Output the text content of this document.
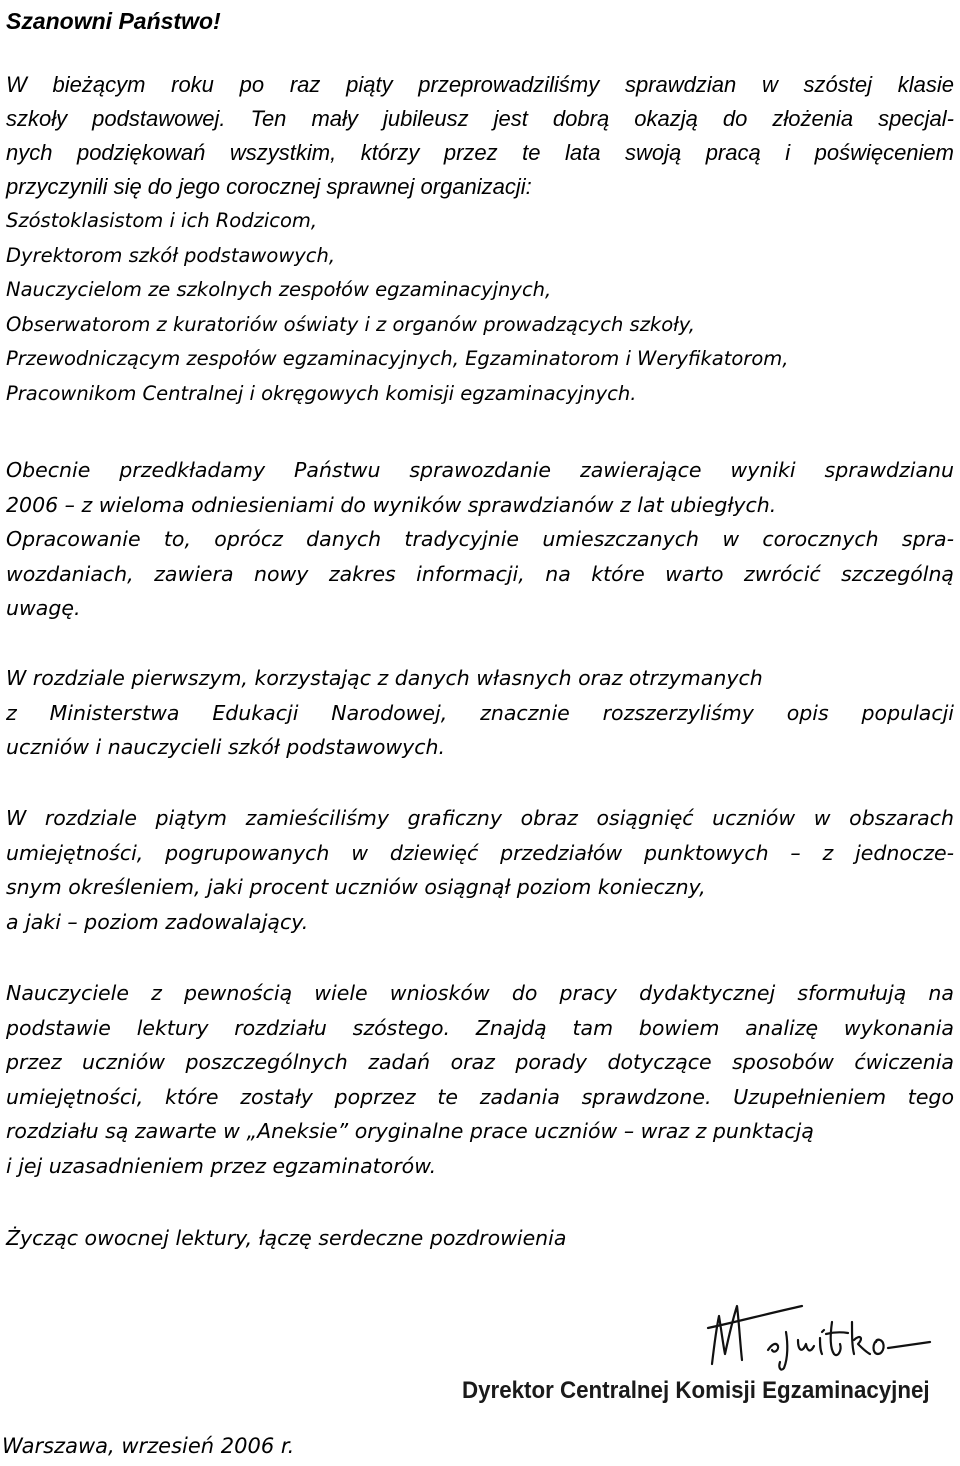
Szanowni Państwo!

W bieżącym roku po raz piąty przeprowadziliśmy sprawdzian w szóstej klasie
szkoły podstawowej. Ten mały jubileusz jest dobrą okazją do złożenia specjal-
nych podziękowań wszystkim, którzy przez te lata swoją pracą i poświęceniem
przyczynili się do jego corocznej sprawnej organizacji:
Szóstoklasistom i ich Rodzicom,
Dyrektorom szkół podstawowych,
Nauczycielom ze szkolnych zespołów egzaminacyjnych,
Obserwatorom z kuratoriów oświaty i z organów prowadzących szkoły,
Przewodniczącym zespołów egzaminacyjnych, Egzaminatorom i Weryfikatorom,
Pracownikom Centralnej i okręgowych komisji egzaminacyjnych.
Obecnie przedkładamy Państwu sprawozdanie zawierające wyniki sprawdzianu
2006 – z wieloma odniesieniami do wyników sprawdzianów z lat ubiegłych.
Opracowanie to, oprócz danych tradycyjnie umieszczanych w corocznych spra-
wozdaniach, zawiera nowy zakres informacji, na które warto zwrócić szczególną
uwagę.
W rozdziale pierwszym, korzystając z danych własnych oraz otrzymanych
z Ministerstwa Edukacji Narodowej, znacznie rozszerzyliśmy opis populacji
uczniów i nauczycieli szkół podstawowych.
W rozdziale piątym zamieściliśmy graficzny obraz osiągnięć uczniów w obszarach
umiejętności, pogrupowanych w dziewięć przedziałów punktowych – z jednocze-
snym określeniem, jaki procent uczniów osiągnął poziom konieczny,
a jaki – poziom zadowalający.
Nauczyciele z pewnością wiele wniosków do pracy dydaktycznej sformułują na
podstawie lektury rozdziału szóstego. Znajdą tam bowiem analizę wykonania
przez uczniów poszczególnych zadań oraz porady dotyczące sposobów ćwiczenia
umiejętności, które zostały poprzez te zadania sprawdzone. Uzupełnieniem tego
rozdziału są zawarte w „Aneksie” oryginalne prace uczniów – wraz z punktacją
i jej uzasadnieniem przez egzaminatorów.
Życząc owocnej lektury, łączę serdeczne pozdrowienia

Dyrektor Centralnej Komisji Egzaminacyjnej

Warszawa, wrzesień 2006 r.
